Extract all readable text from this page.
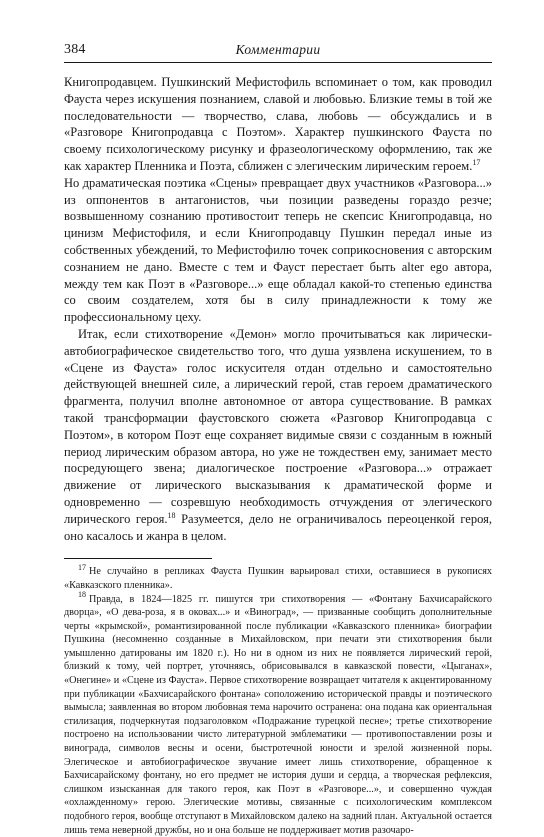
384	Комментарии

Книгопродавцем. Пушкинский Мефистофиль вспоминает о том, как проводил Фауста через искушения познанием, славой и любовью. Близкие темы в той же последовательности — творчество, слава, любовь — обсуждались и в «Разговоре Книгопродавца с Поэтом». Характер пушкинского Фауста по своему психологическому рисунку и фразеологическому оформлению, так же как характер Пленника и Поэта, сближен с элегическим лирическим героем.$^{17}$

Но драматическая поэтика «Сцены» превращает двух участников «Разговора...» из оппонентов в антагонистов, чьи позиции разведены гораздо резче; возвышенному сознанию противостоит теперь не скепсис Книгопродавца, но цинизм Мефистофиля, и если Книгопродавцу Пушкин передал иные из собственных убеждений, то Мефистофилю точек соприкосновения с авторским сознанием не дано. Вместе с тем и Фауст перестает быть alter ego автора, между тем как Поэт в «Разговоре...» еще обладал какой-то степенью единства со своим создателем, хотя бы в силу принадлежности к тому же профессиональному цеху.

Итак, если стихотворение «Демон» могло прочитываться как лирически-автобиографическое свидетельство того, что душа уязвлена искушением, то в «Сцене из Фауста» голос искусителя отдан отдельно и самостоятельно действующей внешней силе, а лирический герой, став героем драматического фрагмента, получил вполне автономное от автора существование. В рамках такой трансформации фаустовского сюжета «Разговор Книгопродавца с Поэтом», в котором Поэт еще сохраняет видимые связи с созданным в южный период лирическим образом автора, но уже не тождествен ему, занимает место посредующего звена; диалогическое построение «Разговора...» отражает движение от лирического высказывания к драматической форме и одновременно — созревшую необходимость отчуждения от элегического лирического героя.$^{18}$ Разумеется, дело не ограничивалось переоценкой героя, оно касалось и жанра в целом.

$^{17}$ Не случайно в репликах Фауста Пушкин варьировал стихи, оставшиеся в рукописях «Кавказского пленника».

$^{18}$ Правда, в 1824—1825 гг. пишутся три стихотворения — «Фонтану Бахчисарайского дворца», «О дева-роза, я в оковах...» и «Виноград», — призванные сообщить дополнительные черты «крымской», романтизированной после публикации «Кавказского пленника» биографии Пушкина (несомненно созданные в Михайловском, при печати эти стихотворения были умышленно датированы им 1820 г.). Но ни в одном из них не появляется лирический герой, близкий к тому, чей портрет, уточняясь, обрисовывался в кавказской повести, «Цыганах», «Онегине» и «Сцене из Фауста». Первое стихотворение возвращает читателя к акцентированному при публикации «Бахчисарайского фонтана» соположению исторической правды и поэтического вымысла; заявленная во втором любовная тема нарочито остранена: она подана как ориентальная стилизация, подчеркнутая подзаголовком «Подражание турецкой песне»; третье стихотворение построено на использовании чисто литературной эмблематики — противопоставлении розы и винограда, символов весны и осени, быстротечной юности и зрелой жизненной поры. Элегическое и автобиографическое звучание имеет лишь стихотворение, обращенное к Бахчисарайскому фонтану, но его предмет не история души и сердца, а творческая рефлексия, слишком изысканная для такого героя, как Поэт в «Разговоре...», и совершенно чуждая «охлажденному» герою. Элегические мотивы, связанные с психологическим комплексом подобного героя, вообще отступают в Михайловском далеко на задний план. Актуальной остается лишь тема неверной дружбы, но и она больше не поддерживает мотив разочаро-
